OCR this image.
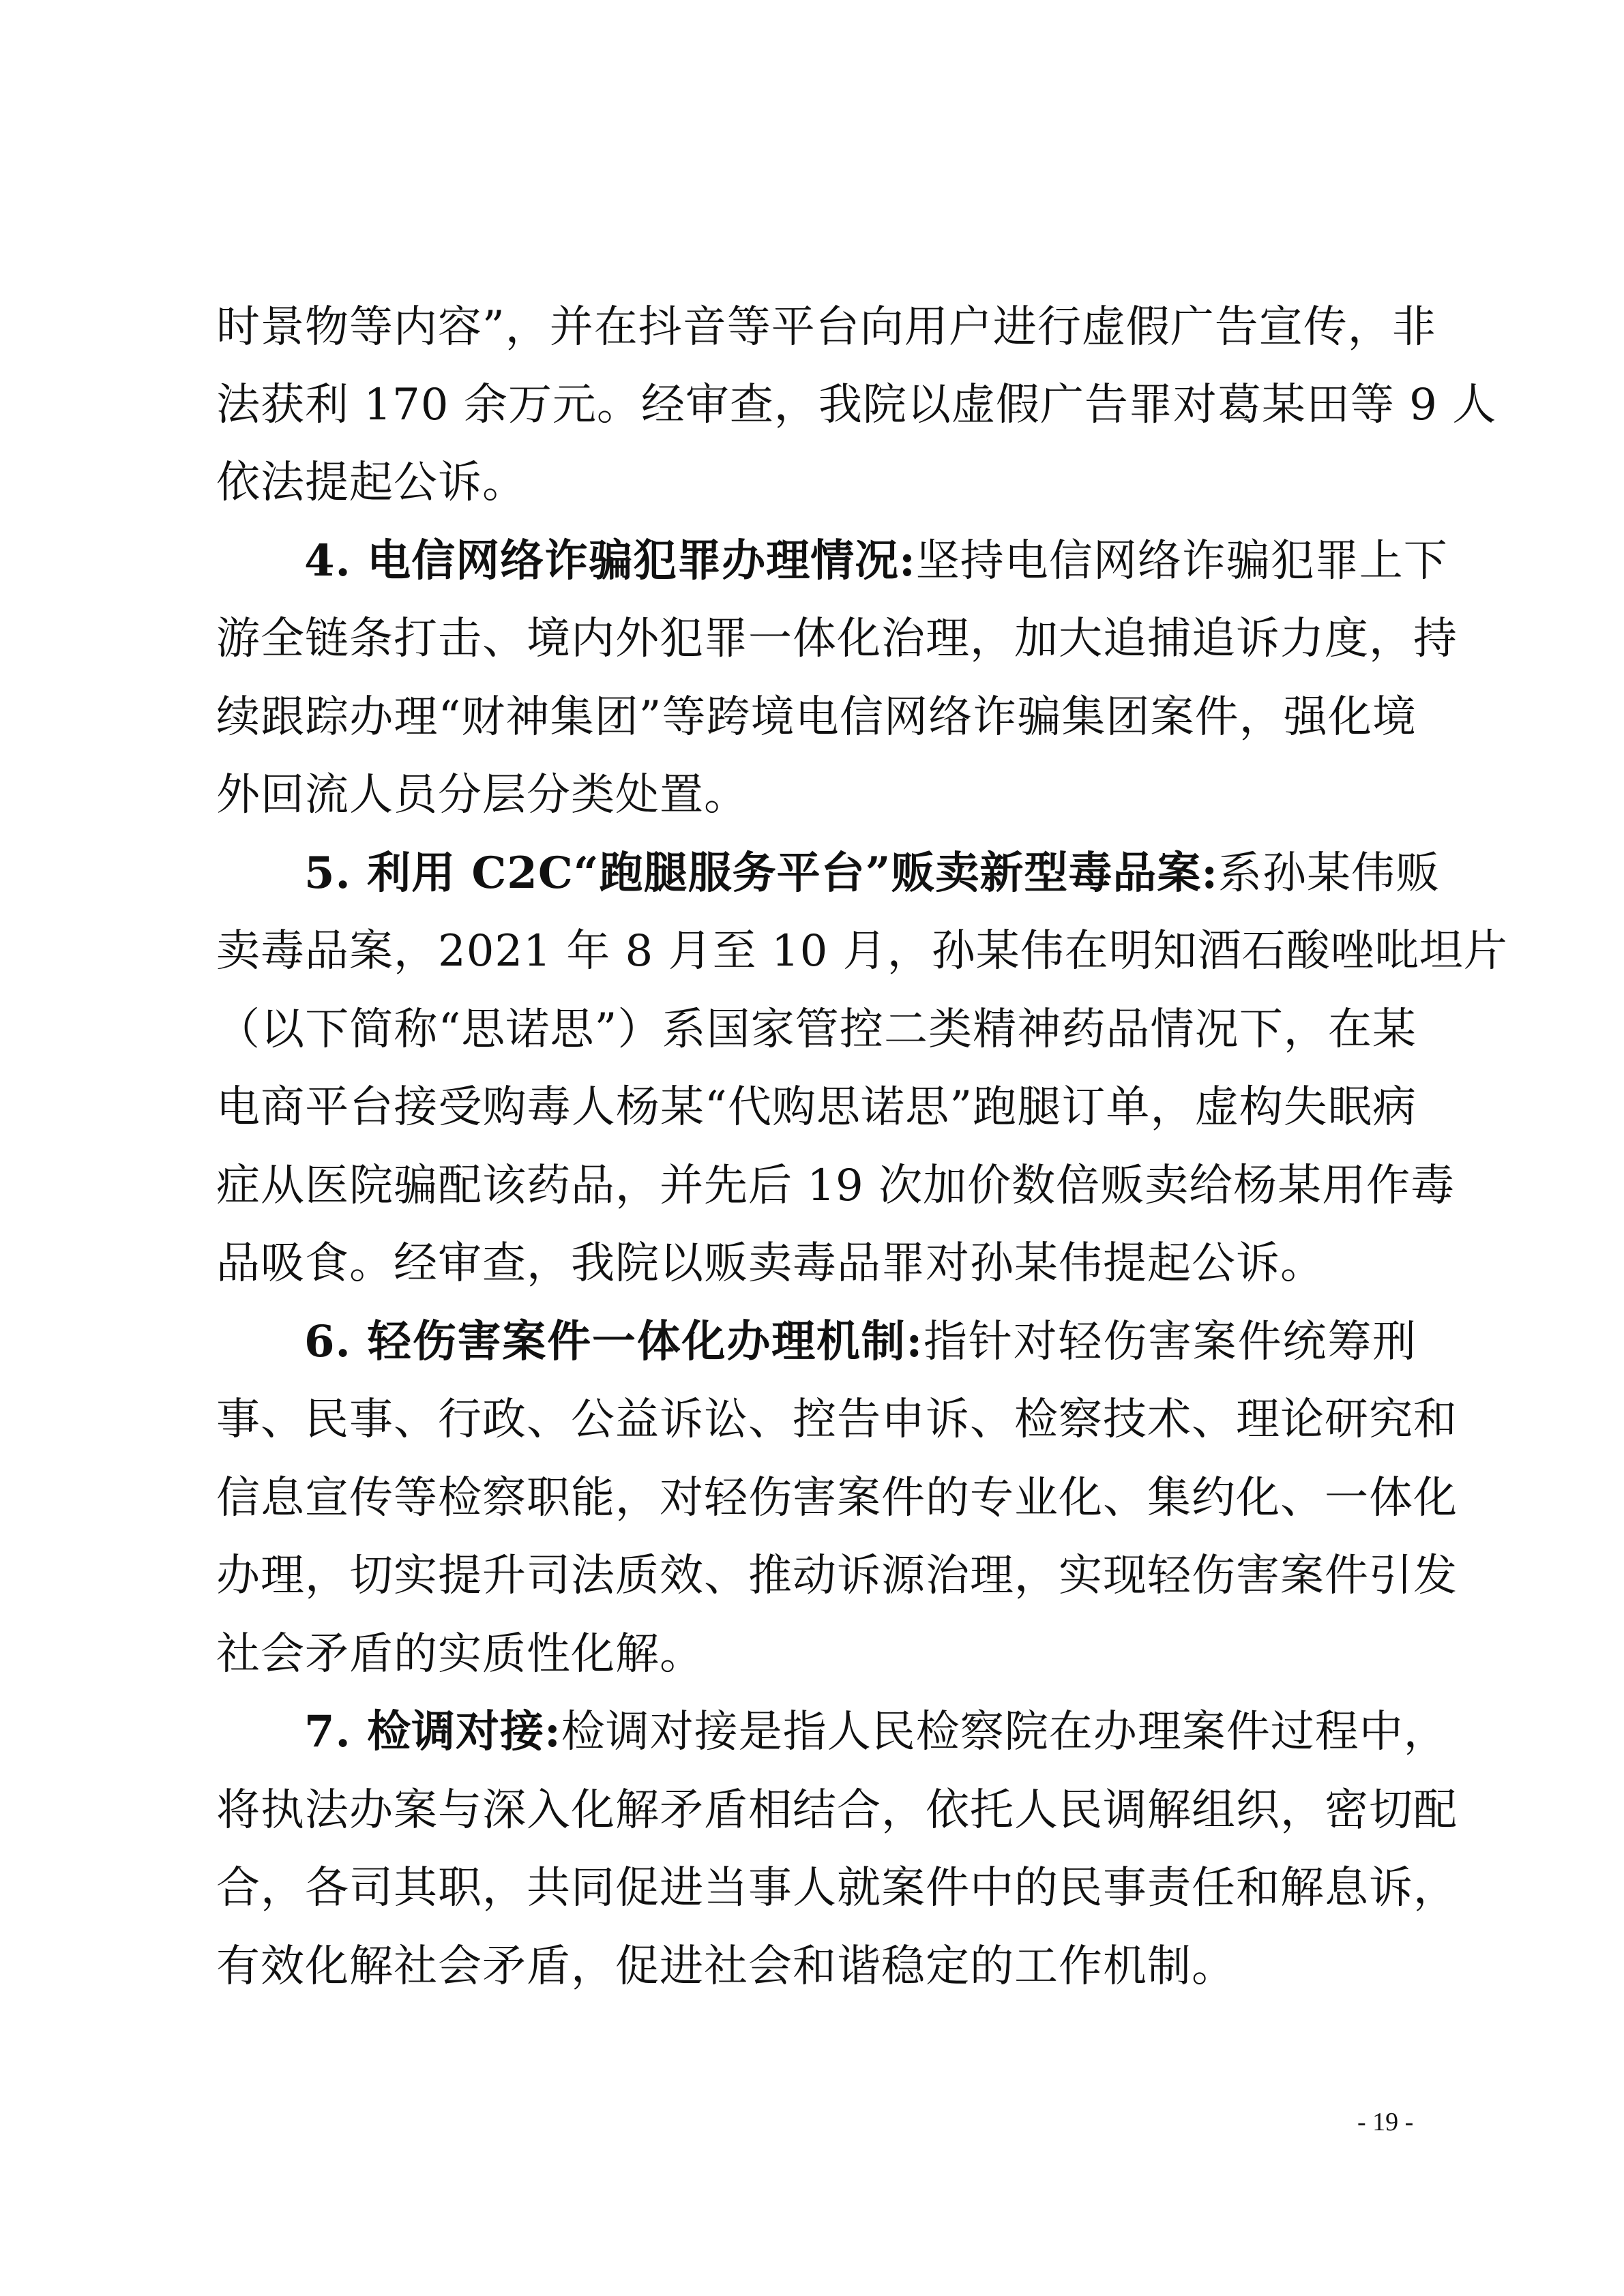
时景物等内容”，并在抖音等平台向用户进行虚假广告宣传，非
法获利 170 余万元。经审查，我院以虚假广告罪对葛某田等 9 人
依法提起公诉。
4. 电信网络诈骗犯罪办理情况:坚持电信网络诈骗犯罪上下
游全链条打击、境内外犯罪一体化治理，加大追捕追诉力度，持
续跟踪办理“财神集团”等跨境电信网络诈骗集团案件，强化境
外回流人员分层分类处置。
5. 利用 C2C“跑腿服务平台”贩卖新型毒品案:系孙某伟贩
卖毒品案，2021 年 8 月至 10 月，孙某伟在明知酒石酸唑吡坦片
（以下简称“思诺思”）系国家管控二类精神药品情况下，在某
电商平台接受购毒人杨某“代购思诺思”跑腿订单，虚构失眠病
症从医院骗配该药品，并先后 19 次加价数倍贩卖给杨某用作毒
品吸食。经审查，我院以贩卖毒品罪对孙某伟提起公诉。
6. 轻伤害案件一体化办理机制:指针对轻伤害案件统筹刑
事、民事、行政、公益诉讼、控告申诉、检察技术、理论研究和
信息宣传等检察职能，对轻伤害案件的专业化、集约化、一体化
办理，切实提升司法质效、推动诉源治理，实现轻伤害案件引发
社会矛盾的实质性化解。
7. 检调对接:检调对接是指人民检察院在办理案件过程中，
将执法办案与深入化解矛盾相结合，依托人民调解组织，密切配
合，各司其职，共同促进当事人就案件中的民事责任和解息诉，
有效化解社会矛盾，促进社会和谐稳定的工作机制。
- 19 -
